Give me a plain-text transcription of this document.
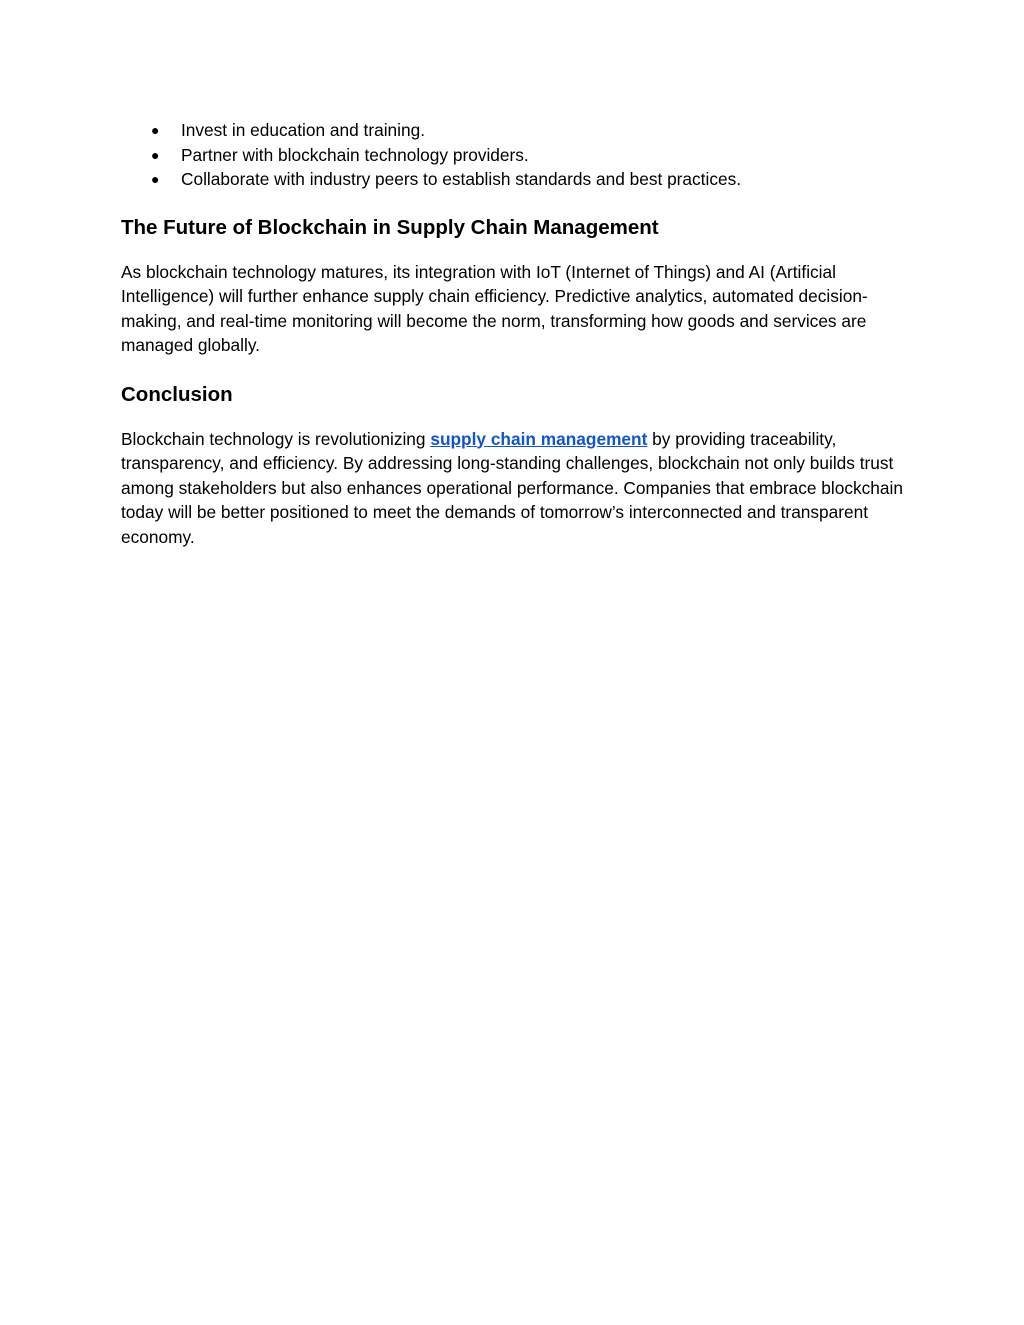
● Invest in education and training.
● Partner with blockchain technology providers.
● Collaborate with industry peers to establish standards and best practices.
The Future of Blockchain in Supply Chain Management

As blockchain technology matures, its integration with IoT (Internet of Things) and AI (Artificial Intelligence) will further enhance supply chain efficiency. Predictive analytics, automated decision-making, and real-time monitoring will become the norm, transforming how goods and services are managed globally.

Conclusion

Blockchain technology is revolutionizing supply chain management by providing traceability, transparency, and efficiency. By addressing long-standing challenges, blockchain not only builds trust among stakeholders but also enhances operational performance. Companies that embrace blockchain today will be better positioned to meet the demands of tomorrow’s interconnected and transparent economy.
